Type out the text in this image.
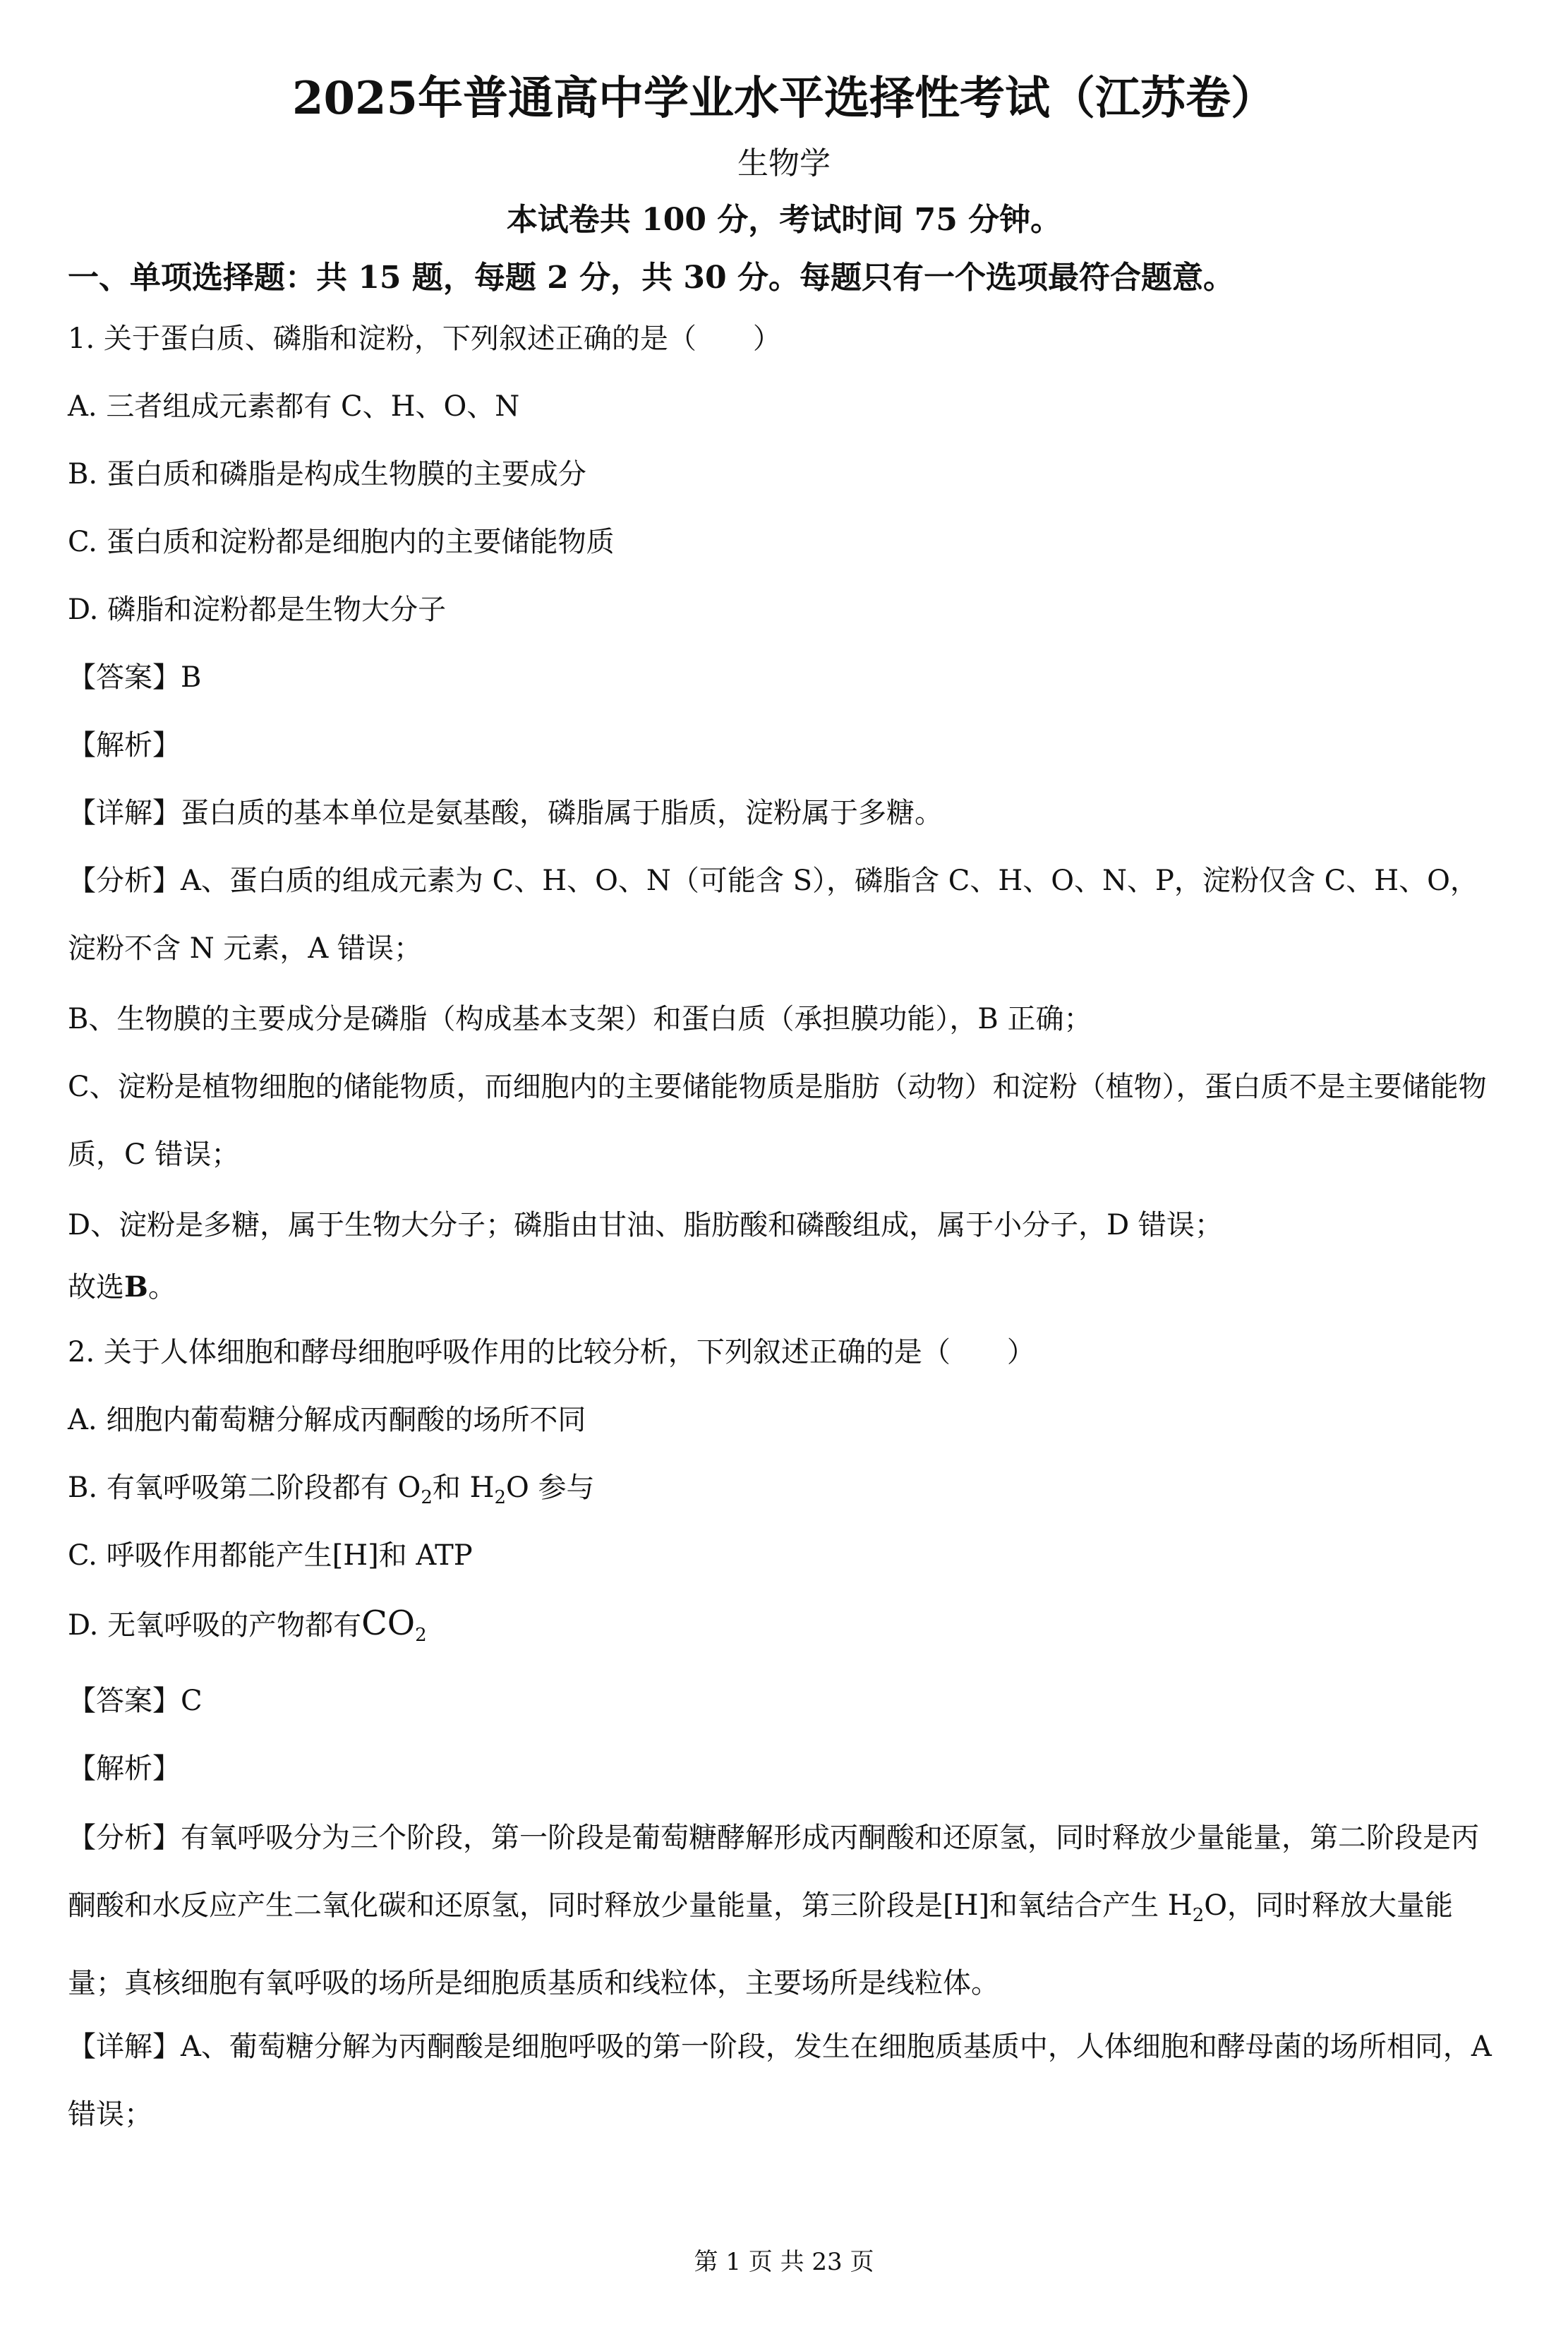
2025年普通高中学业水平选择性考试（江苏卷）
生物学
本试卷共 100 分，考试时间 75 分钟。
一、单项选择题：共 15 题，每题 2 分，共 30 分。每题只有一个选项最符合题意。
1. 关于蛋白质、磷脂和淀粉，下列叙述正确的是（　　）
A. 三者组成元素都有 C、H、O、N
B. 蛋白质和磷脂是构成生物膜的主要成分
C. 蛋白质和淀粉都是细胞内的主要储能物质
D. 磷脂和淀粉都是生物大分子
【答案】B
【解析】
【详解】蛋白质的基本单位是氨基酸，磷脂属于脂质，淀粉属于多糖。
【分析】A、蛋白质的组成元素为 C、H、O、N（可能含 S），磷脂含 C、H、O、N、P，淀粉仅含 C、H、O，淀粉不含 N 元素，A 错误；
B、生物膜的主要成分是磷脂（构成基本支架）和蛋白质（承担膜功能），B 正确；
C、淀粉是植物细胞的储能物质，而细胞内的主要储能物质是脂肪（动物）和淀粉（植物），蛋白质不是主要储能物质，C 错误；
D、淀粉是多糖，属于生物大分子；磷脂由甘油、脂肪酸和磷酸组成，属于小分子，D 错误；
故选B。
2. 关于人体细胞和酵母细胞呼吸作用的比较分析，下列叙述正确的是（　　）
A. 细胞内葡萄糖分解成丙酮酸的场所不同
B. 有氧呼吸第二阶段都有 $O_2$和 $H_2O$ 参与
C. 呼吸作用都能产生[H]和 ATP
D. 无氧呼吸的产物都有$CO_2$
【答案】C
【解析】
【分析】有氧呼吸分为三个阶段，第一阶段是葡萄糖酵解形成丙酮酸和还原氢，同时释放少量能量，第二阶段是丙酮酸和水反应产生二氧化碳和还原氢，同时释放少量能量，第三阶段是[H]和氧结合产生 $H_2O$，同时释放大量能量；真核细胞有氧呼吸的场所是细胞质基质和线粒体，主要场所是线粒体。
【详解】A、葡萄糖分解为丙酮酸是细胞呼吸的第一阶段，发生在细胞质基质中，人体细胞和酵母菌的场所相同，A 错误；
第 1 页 共 23 页
